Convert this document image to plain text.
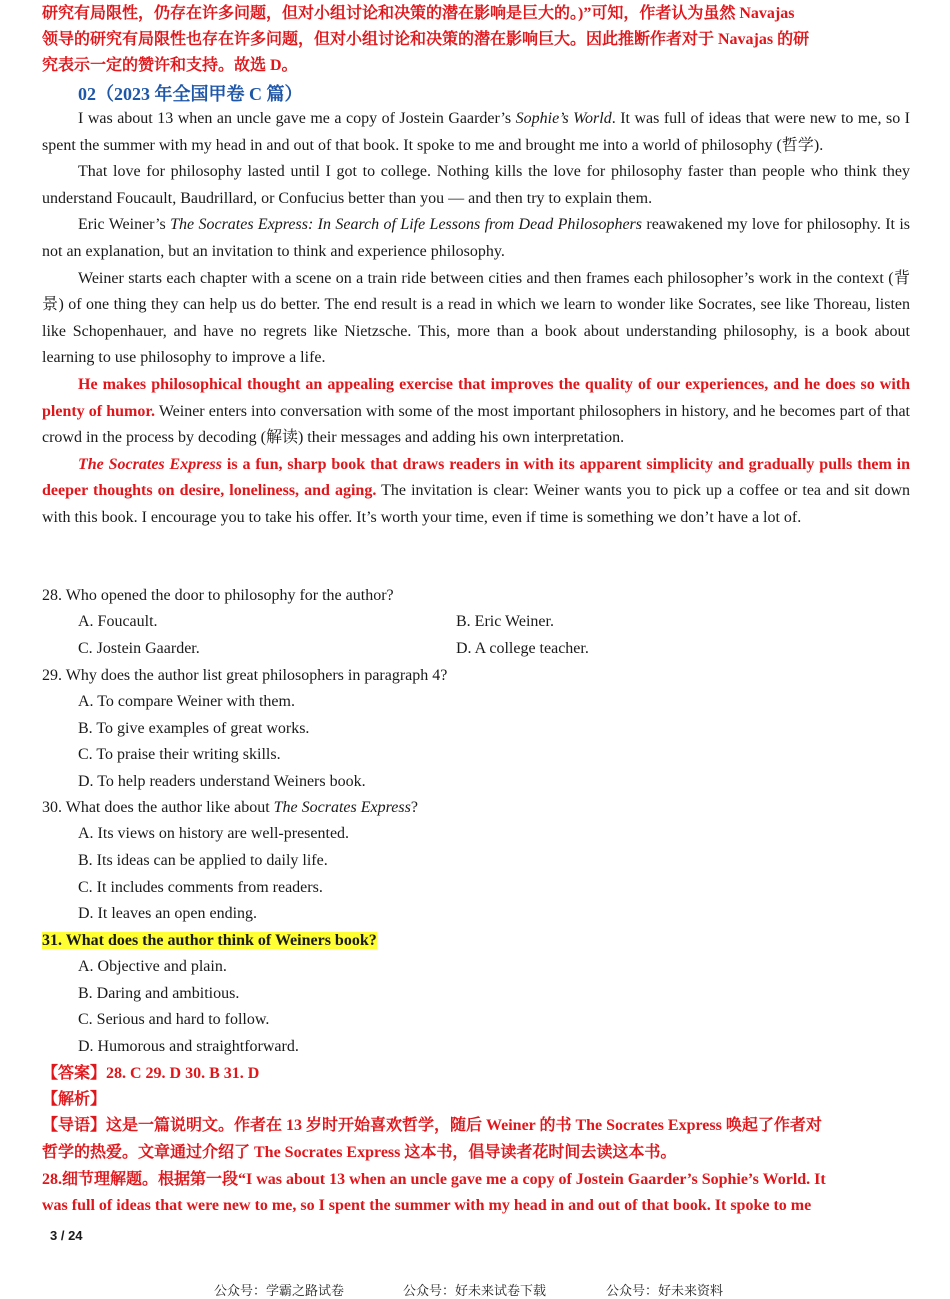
研究有局限性，仍存在许多问题，但对小组讨论和决策的潜在影响是巨大的。)”可知，作者认为虽然 Navajas
领导的研究有局限性也存在许多问题，但对小组讨论和决策的潜在影响巨大。因此推断作者对于 Navajas 的研
究表示一定的赞许和支持。故选 D。
02（2023 年全国甲卷 C 篇）

I was about 13 when an uncle gave me a copy of Jostein Gaarder’s Sophie’s World. It was full of ideas that were new to me, so I spent the summer with my head in and out of that book. It spoke to me and brought me into a world of philosophy (哲学).

That love for philosophy lasted until I got to college. Nothing kills the love for philosophy faster than people who think they understand Foucault, Baudrillard, or Confucius better than you — and then try to explain them.

Eric Weiner’s The Socrates Express: In Search of Life Lessons from Dead Philosophers reawakened my love for philosophy. It is not an explanation, but an invitation to think and experience philosophy.

Weiner starts each chapter with a scene on a train ride between cities and then frames each philosopher’s work in the context (背景) of one thing they can help us do better. The end result is a read in which we learn to wonder like Socrates, see like Thoreau, listen like Schopenhauer, and have no regrets like Nietzsche. This, more than a book about understanding philosophy, is a book about learning to use philosophy to improve a life.

He makes philosophical thought an appealing exercise that improves the quality of our experiences, and he does so with plenty of humor. Weiner enters into conversation with some of the most important philosophers in history, and he becomes part of that crowd in the process by decoding (解读) their messages and adding his own interpretation.

The Socrates Express is a fun, sharp book that draws readers in with its apparent simplicity and gradually pulls them in deeper thoughts on desire, loneliness, and aging. The invitation is clear: Weiner wants you to pick up a coffee or tea and sit down with this book. I encourage you to take his offer. It’s worth your time, even if time is something we don’t have a lot of.

28. Who opened the door to philosophy for the author?
A. Foucault.	B. Eric Weiner.
C. Jostein Gaarder.	D. A college teacher.
29. Why does the author list great philosophers in paragraph 4?
A. To compare Weiner with them.
B. To give examples of great works.
C. To praise their writing skills.
D. To help readers understand Weiners book.
30. What does the author like about The Socrates Express?
A. Its views on history are well-presented.
B. Its ideas can be applied to daily life.
C. It includes comments from readers.
D. It leaves an open ending.
31. What does the author think of Weiners book?
A. Objective and plain.
B. Daring and ambitious.
C. Serious and hard to follow.
D. Humorous and straightforward.
【答案】28. C 29. D 30. B 31. D
【解析】
【导语】这是一篇说明文。作者在 13 岁时开始喜欢哲学，随后 Weiner 的书 The Socrates Express 唤起了作者对
哲学的热爱。文章通过介绍了 The Socrates Express 这本书，倡导读者花时间去读这本书。
28.细节理解题。根据第一段“I was about 13 when an uncle gave me a copy of Jostein Gaarder’s Sophie’s World. It
was full of ideas that were new to me, so I spent the summer with my head in and out of that book. It spoke to me
3 / 24
公众号：学霸之路试卷	公众号：好未来试卷下载	公众号：好未来资料
